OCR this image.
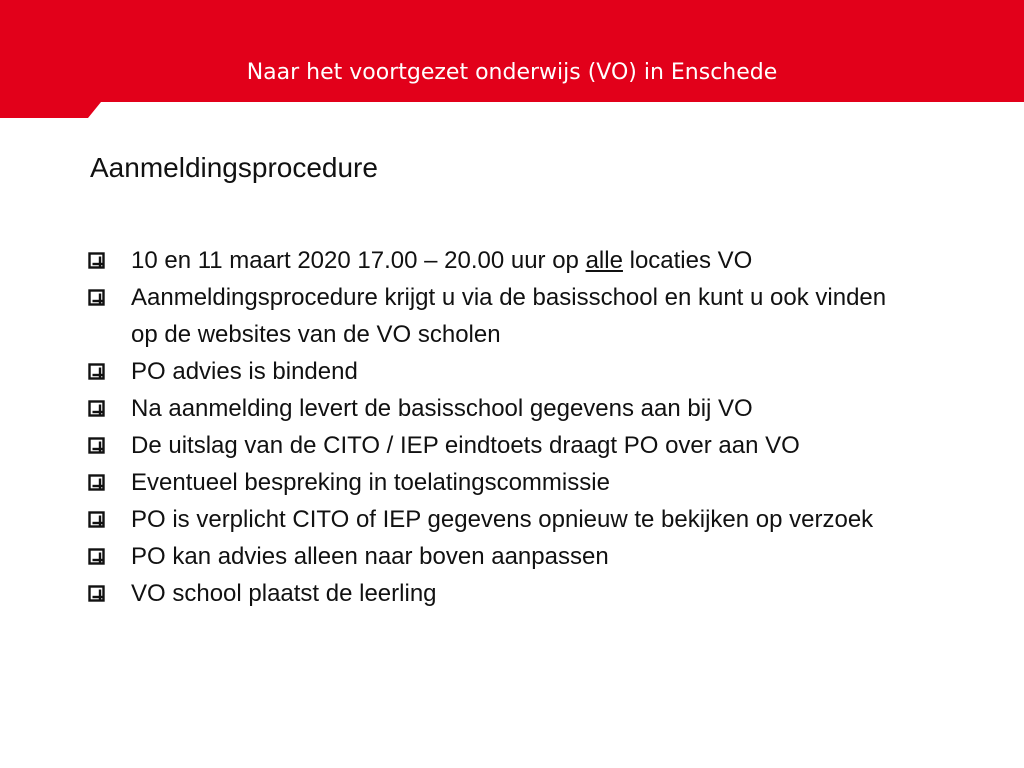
Naar het voortgezet onderwijs (VO) in Enschede
Aanmeldingsprocedure
10 en 11 maart 2020 17.00 – 20.00 uur op alle locaties VO
Aanmeldingsprocedure krijgt u via de basisschool en kunt u ook vinden
op de websites van de VO scholen
PO advies is bindend
Na aanmelding levert de basisschool gegevens aan bij VO
De uitslag van de CITO / IEP eindtoets draagt PO over aan VO
Eventueel bespreking in toelatingscommissie
PO is verplicht CITO of IEP gegevens opnieuw te bekijken op verzoek
PO kan advies alleen naar boven aanpassen
VO school plaatst de leerling
